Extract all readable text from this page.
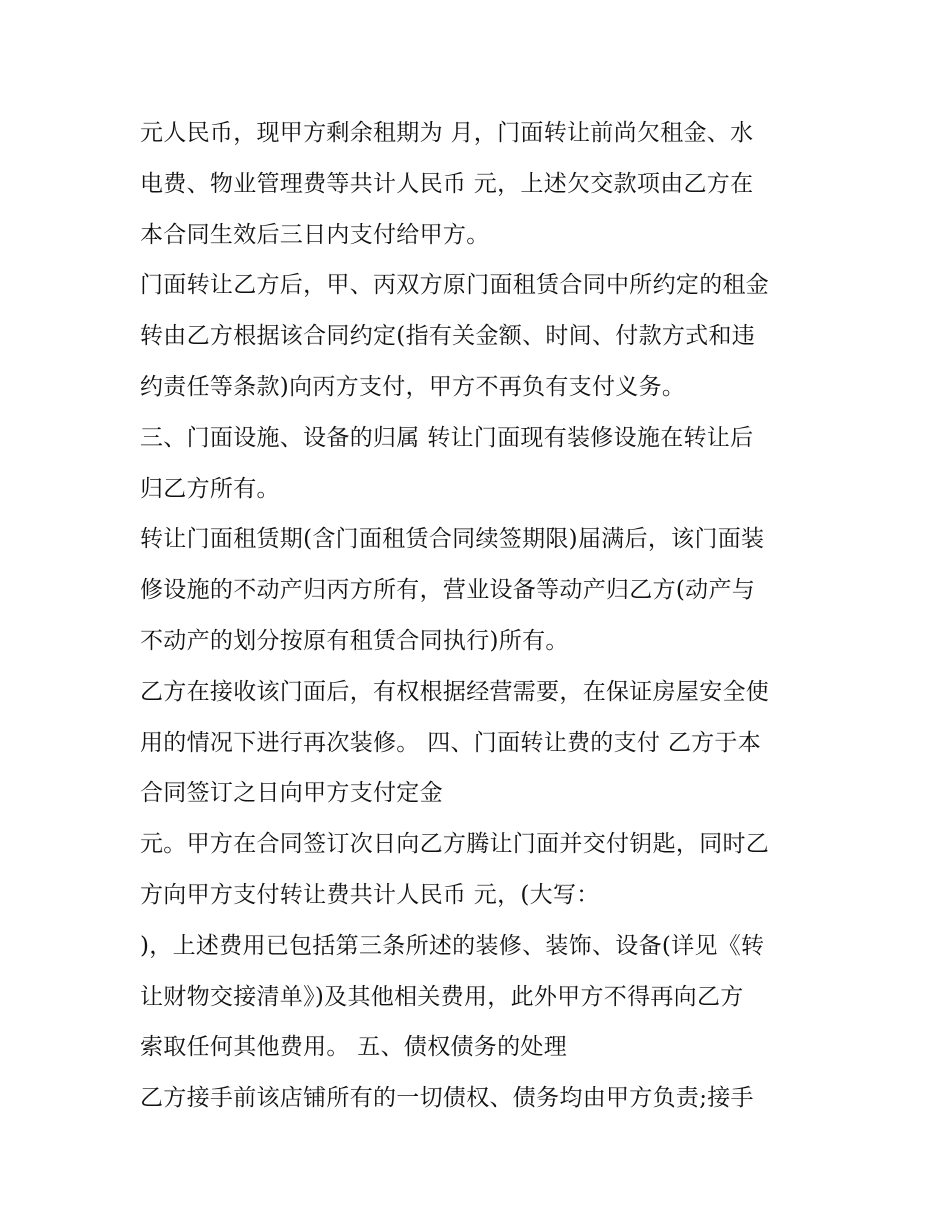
元人民币，现甲方剩余租期为 月，门面转让前尚欠租金、水
电费、物业管理费等共计人民币 元，上述欠交款项由乙方在
本合同生效后三日内支付给甲方。
门面转让乙方后，甲、丙双方原门面租赁合同中所约定的租金
转由乙方根据该合同约定(指有关金额、时间、付款方式和违
约责任等条款)向丙方支付，甲方不再负有支付义务。
三、门面设施、设备的归属 转让门面现有装修设施在转让后
归乙方所有。
转让门面租赁期(含门面租赁合同续签期限)届满后，该门面装
修设施的不动产归丙方所有，营业设备等动产归乙方(动产与
不动产的划分按原有租赁合同执行)所有。
乙方在接收该门面后，有权根据经营需要，在保证房屋安全使
用的情况下进行再次装修。 四、门面转让费的支付 乙方于本
合同签订之日向甲方支付定金
元。甲方在合同签订次日向乙方腾让门面并交付钥匙，同时乙
方向甲方支付转让费共计人民币 元，(大写：
)，上述费用已包括第三条所述的装修、装饰、设备(详见《转
让财物交接清单》)及其他相关费用，此外甲方不得再向乙方
索取任何其他费用。 五、债权债务的处理
乙方接手前该店铺所有的一切债权、债务均由甲方负责;接手
